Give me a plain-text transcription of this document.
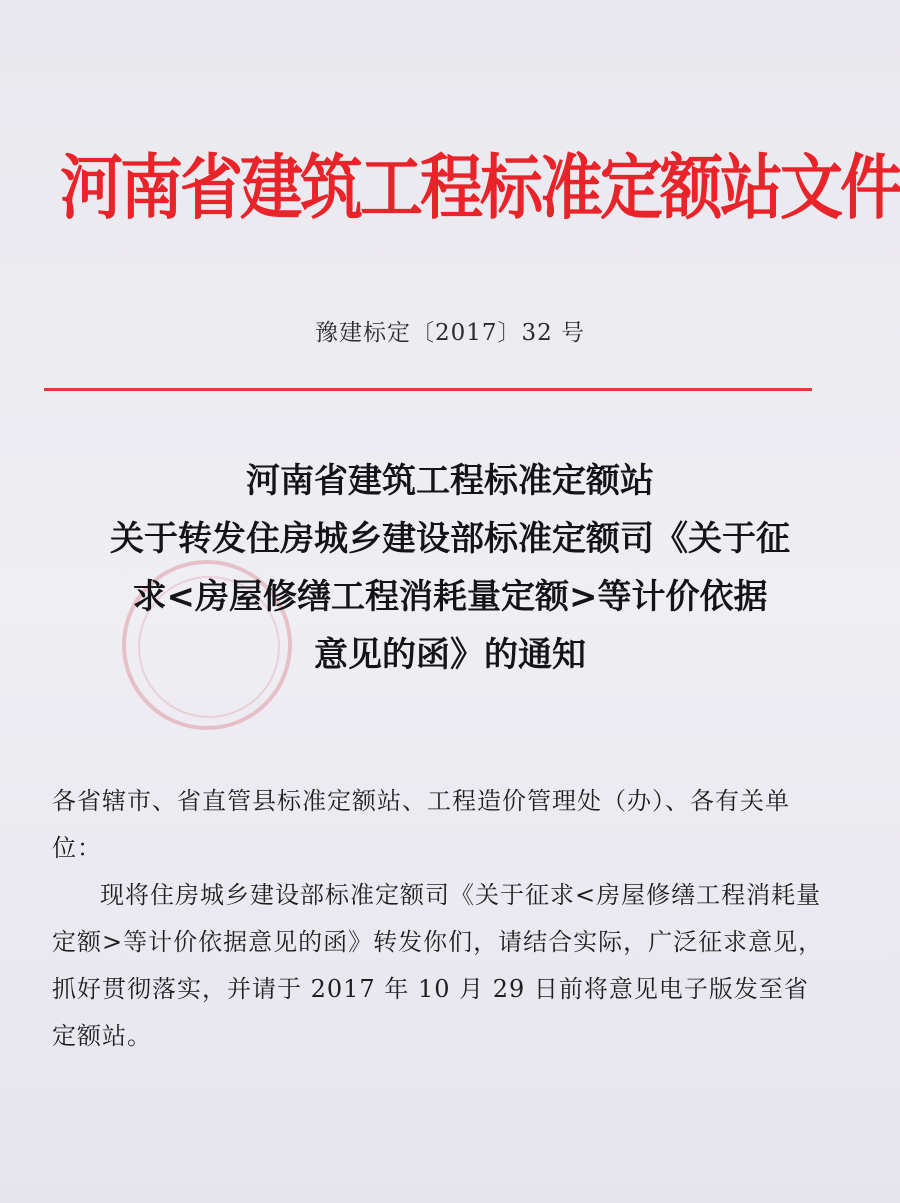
河南省建筑工程标准定额站文件
豫建标定〔2017〕32 号
河南省建筑工程标准定额站
关于转发住房城乡建设部标准定额司《关于征
求<房屋修缮工程消耗量定额>等计价依据
意见的函》的通知

各省辖市、省直管县标准定额站、工程造价管理处（办）、各有关单位：

现将住房城乡建设部标准定额司《关于征求<房屋修缮工程消耗量定额>等计价依据意见的函》转发你们，请结合实际，广泛征求意见，抓好贯彻落实，并请于 2017 年 10 月 29 日前将意见电子版发至省定额站。
